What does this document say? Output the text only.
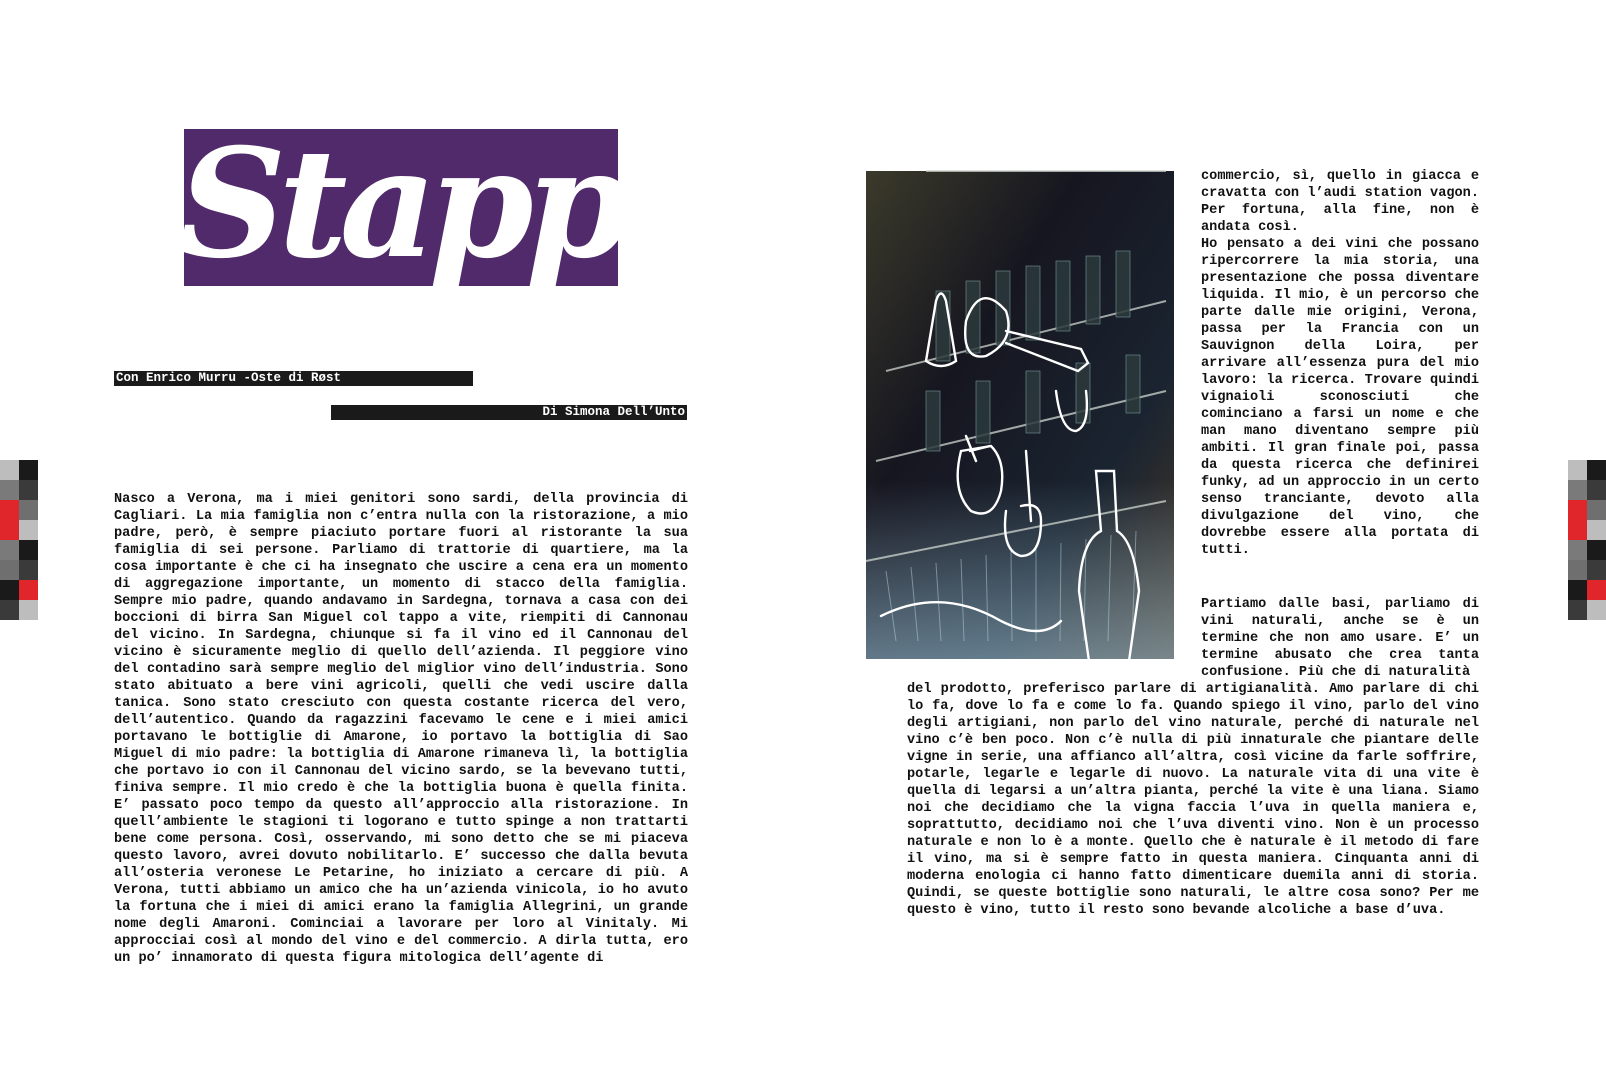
Stappa!
Con Enrico Murru -Oste di Røst
Di Simona Dell’Unto

Nasco a Verona, ma i miei genitori sono sardi, della provincia di Cagliari. La mia famiglia non c’entra nulla con la ristorazione, a mio padre, però, è sempre piaciuto portare fuori al ristorante la sua famiglia di sei persone. Parliamo di trattorie di quartiere, ma la cosa importante è che ci ha insegnato che uscire a cena era un momento di aggregazione importante, un momento di stacco della famiglia. Sempre mio padre, quando andavamo in Sardegna, tornava a casa con dei boccioni di birra San Miguel col tappo a vite, riempiti di Cannonau del vicino. In Sardegna, chiunque si fa il vino ed il Cannonau del vicino è sicuramente meglio di quello dell’azienda. Il peggiore vino del contadino sarà sempre meglio del miglior vino dell’industria. Sono stato abituato a bere vini agricoli, quelli che vedi uscire dalla tanica. Sono stato cresciuto con questa costante ricerca del vero, dell’autentico. Quando da ragazzini facevamo le cene e i miei amici portavano le bottiglie di Amarone, io portavo la bottiglia di Sao Miguel di mio padre: la bottiglia di Amarone rimaneva lì, la bottiglia che portavo io con il Cannonau del vicino sardo, se la bevevano tutti, finiva sempre. Il mio credo è che la bottiglia buona è quella finita. E’ passato poco tempo da questo all’approccio alla ristorazione. In quell’ambiente le stagioni ti logorano e tutto spinge a non trattarti bene come persona. Così, osservando, mi sono detto che se mi piaceva questo lavoro, avrei dovuto nobilitarlo. E’ successo che dalla bevuta all’osteria veronese Le Petarine, ho iniziato a cercare di più. A Verona, tutti abbiamo un amico che ha un’azienda vinicola, io ho avuto la fortuna che i miei di amici erano la famiglia Allegrini, un grande nome degli Amaroni. Cominciai a lavorare per loro al Vinitaly. Mi approcciai così al mondo del vino e del commercio. A dirla tutta, ero un po’ innamorato di questa figura mitologica dell’agente di

commercio, sì, quello in giacca e cravatta con l’audi station vagon. Per fortuna, alla fine, non è andata così.

Ho pensato a dei vini che possano ripercorrere la mia storia, una presentazione che possa diventare liquida. Il mio, è un percorso che parte dalle mie origini, Verona, passa per la Francia con un Sauvignon della Loira, per arrivare all’essenza pura del mio lavoro: la ricerca. Trovare quindi vignaioli sconosciuti che cominciano a farsi un nome e che man mano diventano sempre più ambiti. Il gran finale poi, passa da questa ricerca che definirei funky, ad un approccio in un certo senso tranciante, devoto alla divulgazione del vino, che dovrebbe essere alla portata di tutti.

Partiamo dalle basi, parliamo di vini naturali, anche se è un termine che non amo usare. E’ un termine abusato che crea tanta confusione. Più che di naturalità

del prodotto, preferisco parlare di artigianalità. Amo parlare di chi lo fa, dove lo fa e come lo fa. Quando spiego il vino, parlo del vino degli artigiani, non parlo del vino naturale, perché di naturale nel vino c’è ben poco. Non c’è nulla di più innaturale che piantare delle vigne in serie, una affianco all’altra, così vicine da farle soffrire, potarle, legarle e legarle di nuovo. La naturale vita di una vite è quella di legarsi a un’altra pianta, perché la vite è una liana. Siamo noi che decidiamo che la vigna faccia l’uva in quella maniera e, soprattutto, decidiamo noi che l’uva diventi vino. Non è un processo naturale e non lo è a monte. Quello che è naturale è il metodo di fare il vino, ma si è sempre fatto in questa maniera. Cinquanta anni di moderna enologia ci hanno fatto dimenticare duemila anni di storia. Quindi, se queste bottiglie sono naturali, le altre cosa sono? Per me questo è vino, tutto il resto sono bevande alcoliche a base d’uva.
